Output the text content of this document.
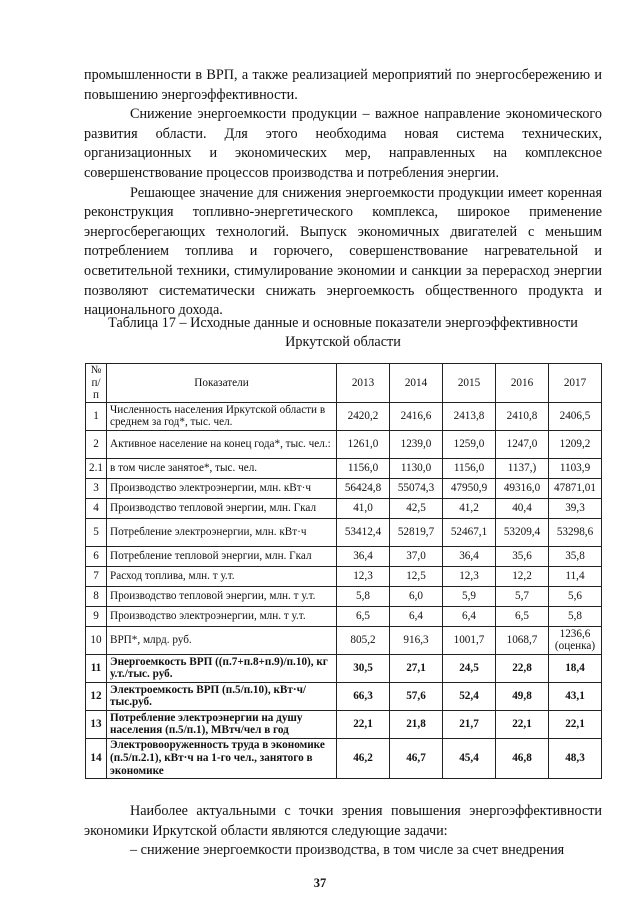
промышленности в ВРП, а также реализацией мероприятий по энергосбережению и повышению энергоэффективности.

Снижение энергоемкости продукции – важное направление экономического развития области. Для этого необходима новая система технических, организационных и экономических мер, направленных на комплексное совершенствование процессов производства и потребления энергии.

Решающее значение для снижения энергоемкости продукции имеет коренная реконструкция топливно-энергетического комплекса, широкое применение энергосберегающих технологий. Выпуск экономичных двигателей с меньшим потреблением топлива и горючего, совершенствование нагревательной и осветительной техники, стимулирование экономии и санкции за перерасход энергии позволяют систематически снижать энергоемкость общественного продукта и национального дохода.

Таблица 17 – Исходные данные и основные показатели энергоэффективности
Иркутской области
№ п/п	Показатели	2013	2014	2015	2016	2017
1	Численность населения Иркутской области в среднем за год*, тыс. чел.	2420,2	2416,6	2413,8	2410,8	2406,5
2	Активное население на конец года*, тыс. чел.:	1261,0	1239,0	1259,0	1247,0	1209,2
2.1	в том числе занятое*, тыс. чел.	1156,0	1130,0	1156,0	1137,)	1103,9
3	Производство электроэнергии, млн. кВт·ч	56424,8	55074,3	47950,9	49316,0	47871,01
4	Производство тепловой энергии, млн. Гкал	41,0	42,5	41,2	40,4	39,3
5	Потребление электроэнергии, млн. кВт·ч	53412,4	52819,7	52467,1	53209,4	53298,6
6	Потребление тепловой энергии, млн. Гкал	36,4	37,0	36,4	35,6	35,8
7	Расход топлива, млн. т у.т.	12,3	12,5	12,3	12,2	11,4
8	Производство тепловой энергии, млн. т у.т.	5,8	6,0	5,9	5,7	5,6
9	Производство электроэнергии, млн. т у.т.	6,5	6,4	6,4	6,5	5,8
10	ВРП*, млрд. руб.	805,2	916,3	1001,7	1068,7	1236,6
(оценка)

11	Энергоемкость ВРП ((п.7+п.8+п.9)/п.10), кг у.т./тыс. руб.	30,5	27,1	24,5	22,8	18,4
12	Электроемкость ВРП (п.5/п.10), кВт·ч/тыс.руб.	66,3	57,6	52,4	49,8	43,1
13	Потребление электроэнергии на душу населения (п.5/п.1), МВтч/чел в год	22,1	21,8	21,7	22,1	22,1
14	Электровооруженность труда в экономике (п.5/п.2.1), кВт·ч на 1-го чел., занятого в экономике	46,2	46,7	45,4	46,8	48,3

Наиболее актуальными с точки зрения повышения энергоэффективности экономики Иркутской области являются следующие задачи:

– снижение энергоемкости производства, в том числе за счет внедрения

37
